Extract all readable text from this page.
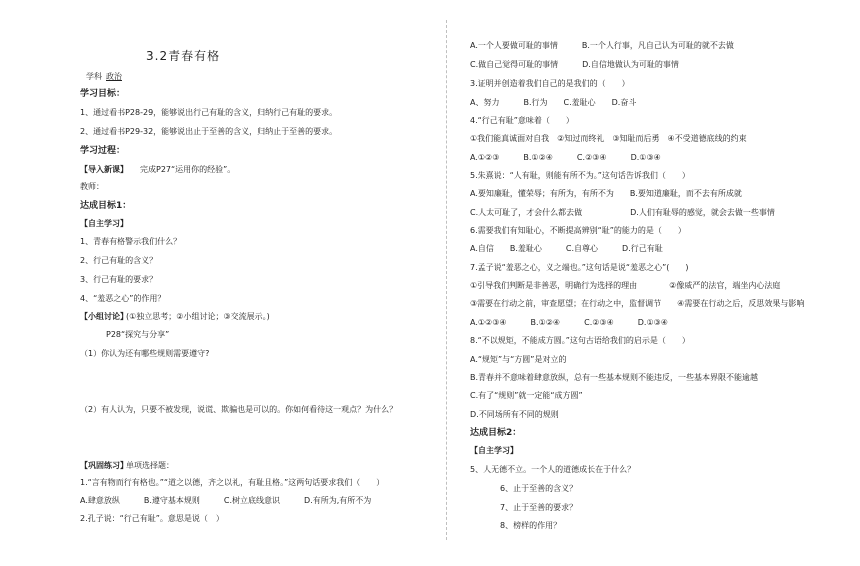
3.2青春有格
学科 政治
学习目标：
1、通过看书P28-29，能够说出行己有耻的含义，归纳行己有耻的要求。
2、通过看书P29-32，能够说出止于至善的含义，归纳止于至善的要求。
学习过程：
【导入新课】 完成P27“运用你的经验”。
教师：
达成目标1：
【自主学习】
1、青春有格警示我们什么？
2、行己有耻的含义？
3、行己有耻的要求？
4、“羞恶之心”的作用？
【小组讨论】
(①独立思考；②小组讨论；③交流展示。)
P28“探究与分享”
（1）你认为还有哪些规则需要遵守?
（2）有人认为，只要不被发现，说谎、欺骗也是可以的。你如何看待这一观点？为什么？
【巩固练习】
单项选择题：
1.“言有物而行有格也。”“道之以德，齐之以礼，有耻且格。”这两句话要求我们（　　）
A.肆意放纵　　　B.遵守基本规则　　　C.树立底线意识　　　D.有所为,有所不为
2.孔子说：“行己有耻”。意思是说（　）
A.一个人要做可耻的事情　　　B.一个人行事，凡自己认为可耻的就不去做
C.做自己觉得可耻的事情　　　D.自信地做认为可耻的事情
3.证明并创造着我们自己的是我们的（　　）
A、努力　　　B.行为　　C.羞耻心　　D.奋斗
4.“行己有耻”意味着（　　）
①我们能真诚面对自我　②知过而终礼　③知耻而后勇　④不受道德底线的约束
A.①②③　　　B.①②④　　　C.②③④　　　D.①③④
5.朱熹说：“人有耻，则能有所不为。”这句话告诉我们（　　）
A.要知廉耻，懂荣辱；有所为，有所不为　　B.要知道廉耻，而不去有所成就
C.人太可耻了，才会什么都去做　　　　　　D.人们有耻辱的感觉，就会去做一些事情
6.需要我们有知耻心，不断提高辨别“耻”的能力的是（　　）
A.自信　　B.羞耻心　　　C.自尊心　　　D.行己有耻
7.孟子说“羞恶之心，义之端也。”这句话是说“羞恶之心”(　　)
①引导我们判断是非善恶，明确行为选择的理由　　　　②像威严的法官，端坐内心法庭
③需要在行动之前，审查愿望；在行动之中，监督调节　　④需要在行动之后，反思效果与影响
A.①②③④　　　B.①②④　　　C.②③④　　　D.①③④
8.“不以规矩，不能成方圆。”这句古语给我们的启示是（　　）
A.“规矩”与“方圆”是对立的
B.青春并不意味着肆意放纵，总有一些基本规则不能违反，一些基本界限不能逾越
C.有了“规则”就一定能“成方圆”
D.不同场所有不同的规则
达成目标2：
【自主学习】
5、人无德不立。一个人的道德成长在于什么？
6、止于至善的含义？
7、止于至善的要求？
8、榜样的作用？
